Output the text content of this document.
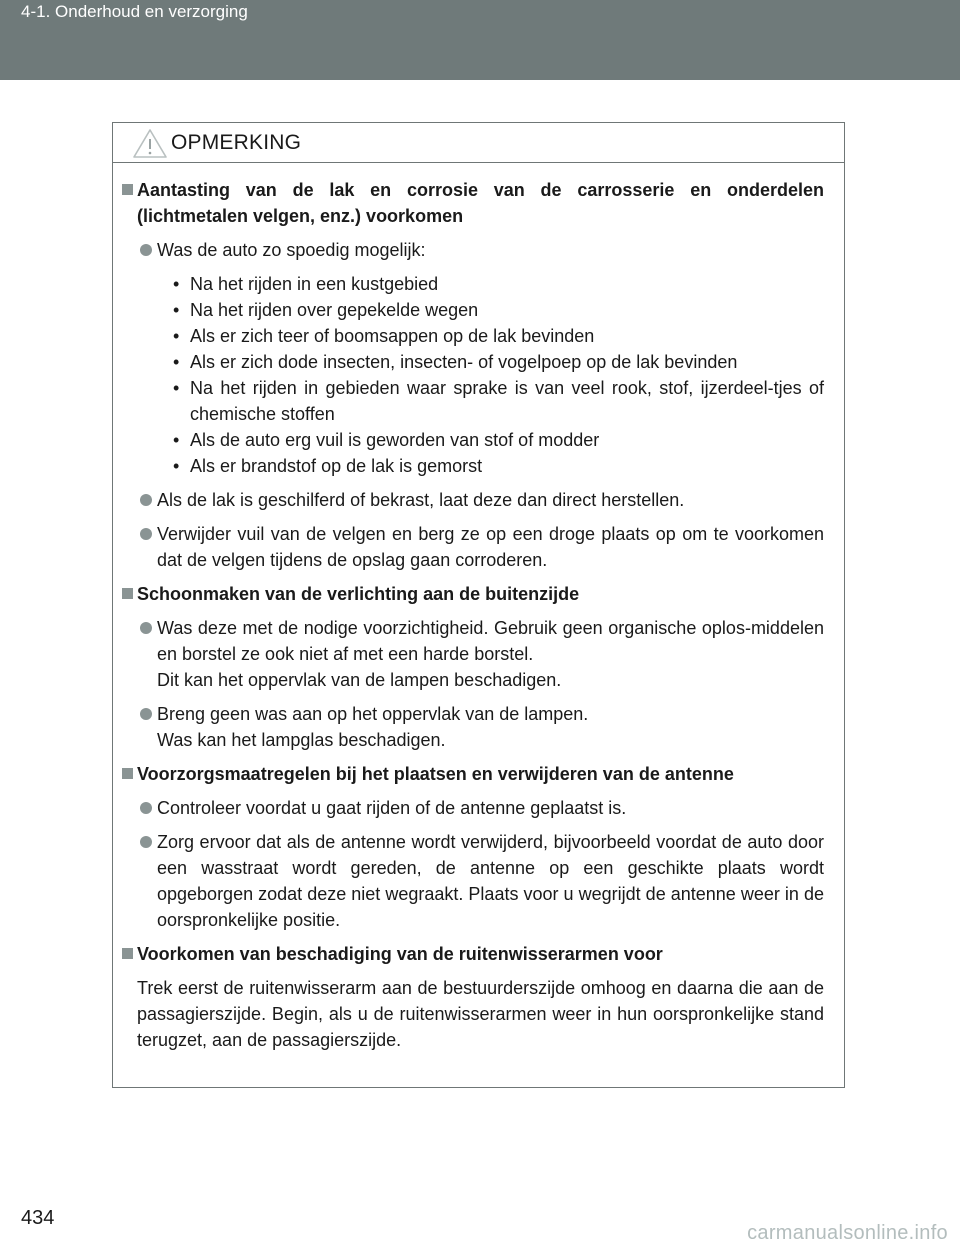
4-1. Onderhoud en verzorging
OPMERKING
Aantasting van de lak en corrosie van de carrosserie en onderdelen (lichtmetalen velgen, enz.) voorkomen
Was de auto zo spoedig mogelijk:
• Na het rijden in een kustgebied
• Na het rijden over gepekelde wegen
• Als er zich teer of boomsappen op de lak bevinden
• Als er zich dode insecten, insecten- of vogelpoep op de lak bevinden
• Na het rijden in gebieden waar sprake is van veel rook, stof, ijzerdeel-tjes of chemische stoffen
• Als de auto erg vuil is geworden van stof of modder
• Als er brandstof op de lak is gemorst
Als de lak is geschilferd of bekrast, laat deze dan direct herstellen.
Verwijder vuil van de velgen en berg ze op een droge plaats op om te voorkomen dat de velgen tijdens de opslag gaan corroderen.
Schoonmaken van de verlichting aan de buitenzijde
Was deze met de nodige voorzichtigheid. Gebruik geen organische oplos-middelen en borstel ze ook niet af met een harde borstel.
Dit kan het oppervlak van de lampen beschadigen.
Breng geen was aan op het oppervlak van de lampen.
Was kan het lampglas beschadigen.
Voorzorgsmaatregelen bij het plaatsen en verwijderen van de antenne
Controleer voordat u gaat rijden of de antenne geplaatst is.
Zorg ervoor dat als de antenne wordt verwijderd, bijvoorbeeld voordat de auto door een wasstraat wordt gereden, de antenne op een geschikte plaats wordt opgeborgen zodat deze niet wegraakt. Plaats voor u wegrijdt de antenne weer in de oorspronkelijke positie.
Voorkomen van beschadiging van de ruitenwisserarmen voor
Trek eerst de ruitenwisserarm aan de bestuurderszijde omhoog en daarna die aan de passagierszijde. Begin, als u de ruitenwisserarmen weer in hun oorspronkelijke stand terugzet, aan de passagierszijde.
434
carmanualsonline.info
